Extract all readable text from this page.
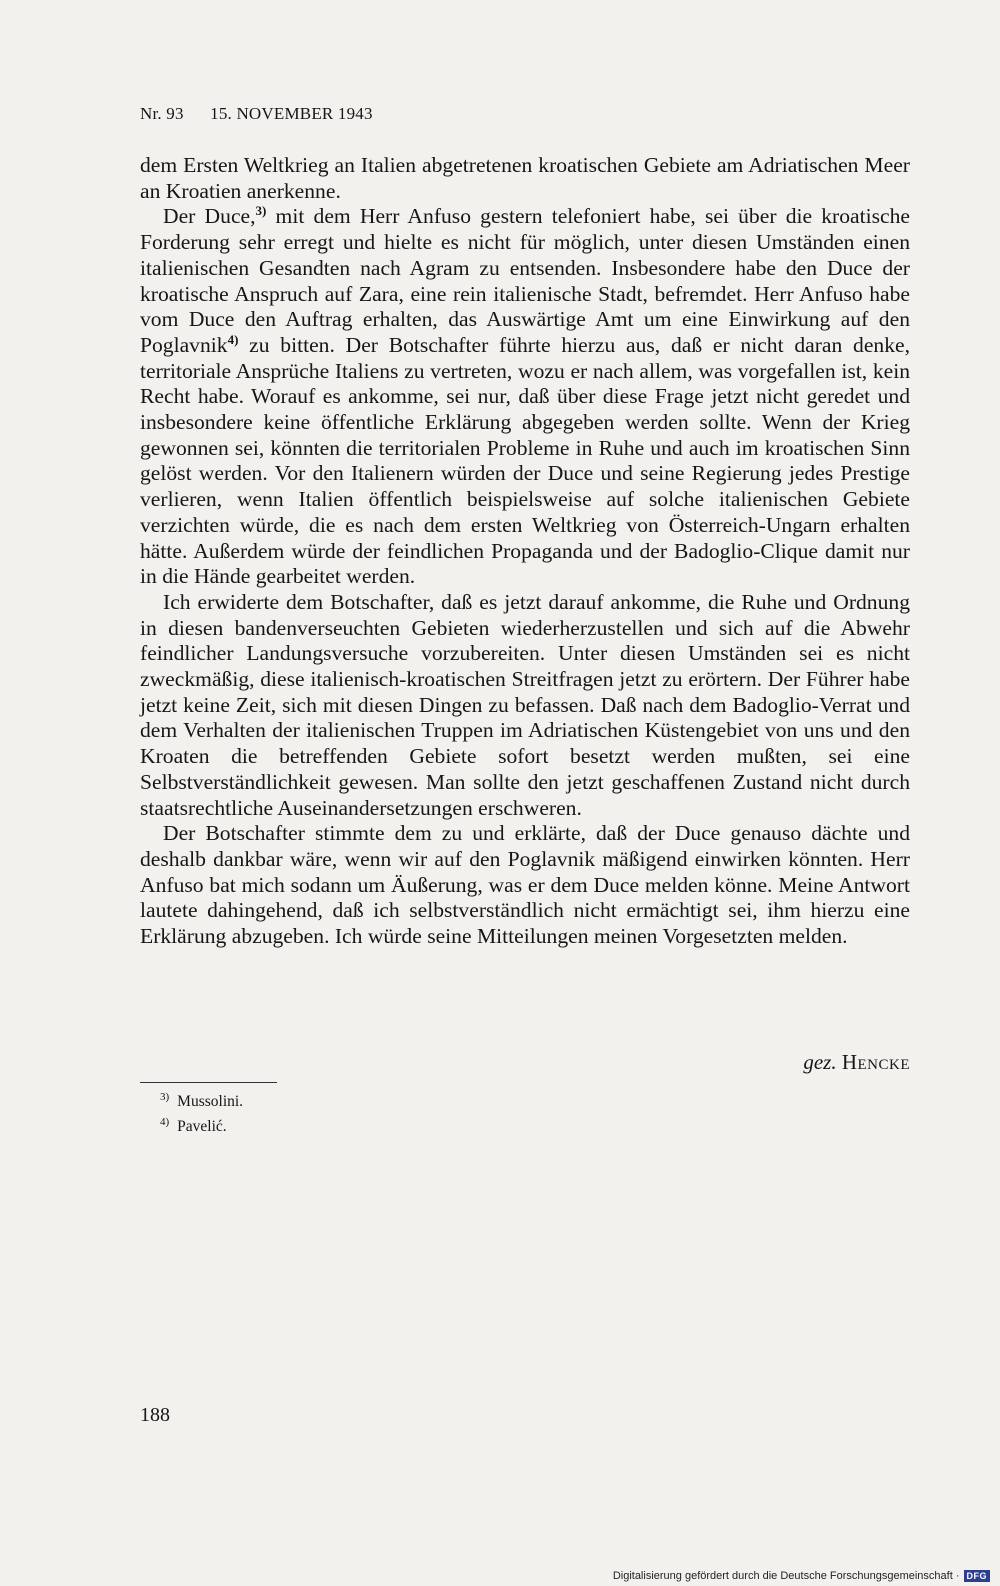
Nr. 93 15. NOVEMBER 1943

dem Ersten Weltkrieg an Italien abgetretenen kroatischen Gebiete am Adriatischen Meer an Kroatien anerkenne.

Der Duce,$^{3)}$ mit dem Herr Anfuso gestern telefoniert habe, sei über die kroatische Forderung sehr erregt und hielte es nicht für möglich, unter diesen Umständen einen italienischen Gesandten nach Agram zu entsenden. Insbesondere habe den Duce der kroatische Anspruch auf Zara, eine rein italienische Stadt, befremdet. Herr Anfuso habe vom Duce den Auftrag erhalten, das Auswärtige Amt um eine Einwirkung auf den Poglavnik$^{4)}$ zu bitten. Der Botschafter führte hierzu aus, daß er nicht daran denke, territoriale Ansprüche Italiens zu vertreten, wozu er nach allem, was vorgefallen ist, kein Recht habe. Worauf es ankomme, sei nur, daß über diese Frage jetzt nicht geredet und insbesondere keine öffentliche Erklärung abgegeben werden sollte. Wenn der Krieg gewonnen sei, könnten die territorialen Probleme in Ruhe und auch im kroatischen Sinn gelöst werden. Vor den Italienern würden der Duce und seine Regierung jedes Prestige verlieren, wenn Italien öffentlich beispielsweise auf solche italienischen Gebiete verzichten würde, die es nach dem ersten Weltkrieg von Österreich-Ungarn erhalten hätte. Außerdem würde der feindlichen Propaganda und der Badoglio-Clique damit nur in die Hände gearbeitet werden.

Ich erwiderte dem Botschafter, daß es jetzt darauf ankomme, die Ruhe und Ordnung in diesen bandenverseuchten Gebieten wiederherzustellen und sich auf die Abwehr feindlicher Landungsversuche vorzubereiten. Unter diesen Umständen sei es nicht zweckmäßig, diese italienisch-kroatischen Streitfragen jetzt zu erörtern. Der Führer habe jetzt keine Zeit, sich mit diesen Dingen zu befassen. Daß nach dem Badoglio-Verrat und dem Verhalten der italienischen Truppen im Adriatischen Küstengebiet von uns und den Kroaten die betreffenden Gebiete sofort besetzt werden mußten, sei eine Selbstverständlichkeit gewesen. Man sollte den jetzt geschaffenen Zustand nicht durch staatsrechtliche Auseinandersetzungen erschweren.

Der Botschafter stimmte dem zu und erklärte, daß der Duce genauso dächte und deshalb dankbar wäre, wenn wir auf den Poglavnik mäßigend einwirken könnten. Herr Anfuso bat mich sodann um Äußerung, was er dem Duce melden könne. Meine Antwort lautete dahingehend, daß ich selbstverständlich nicht ermächtigt sei, ihm hierzu eine Erklärung abzugeben. Ich würde seine Mitteilungen meinen Vorgesetzten melden.

gez. Hencke
$^{3)}$ Mussolini.
$^{4)}$ Pavelić.
188
Digitalisierung gefördert durch die Deutsche Forschungsgemeinschaft · DFG
